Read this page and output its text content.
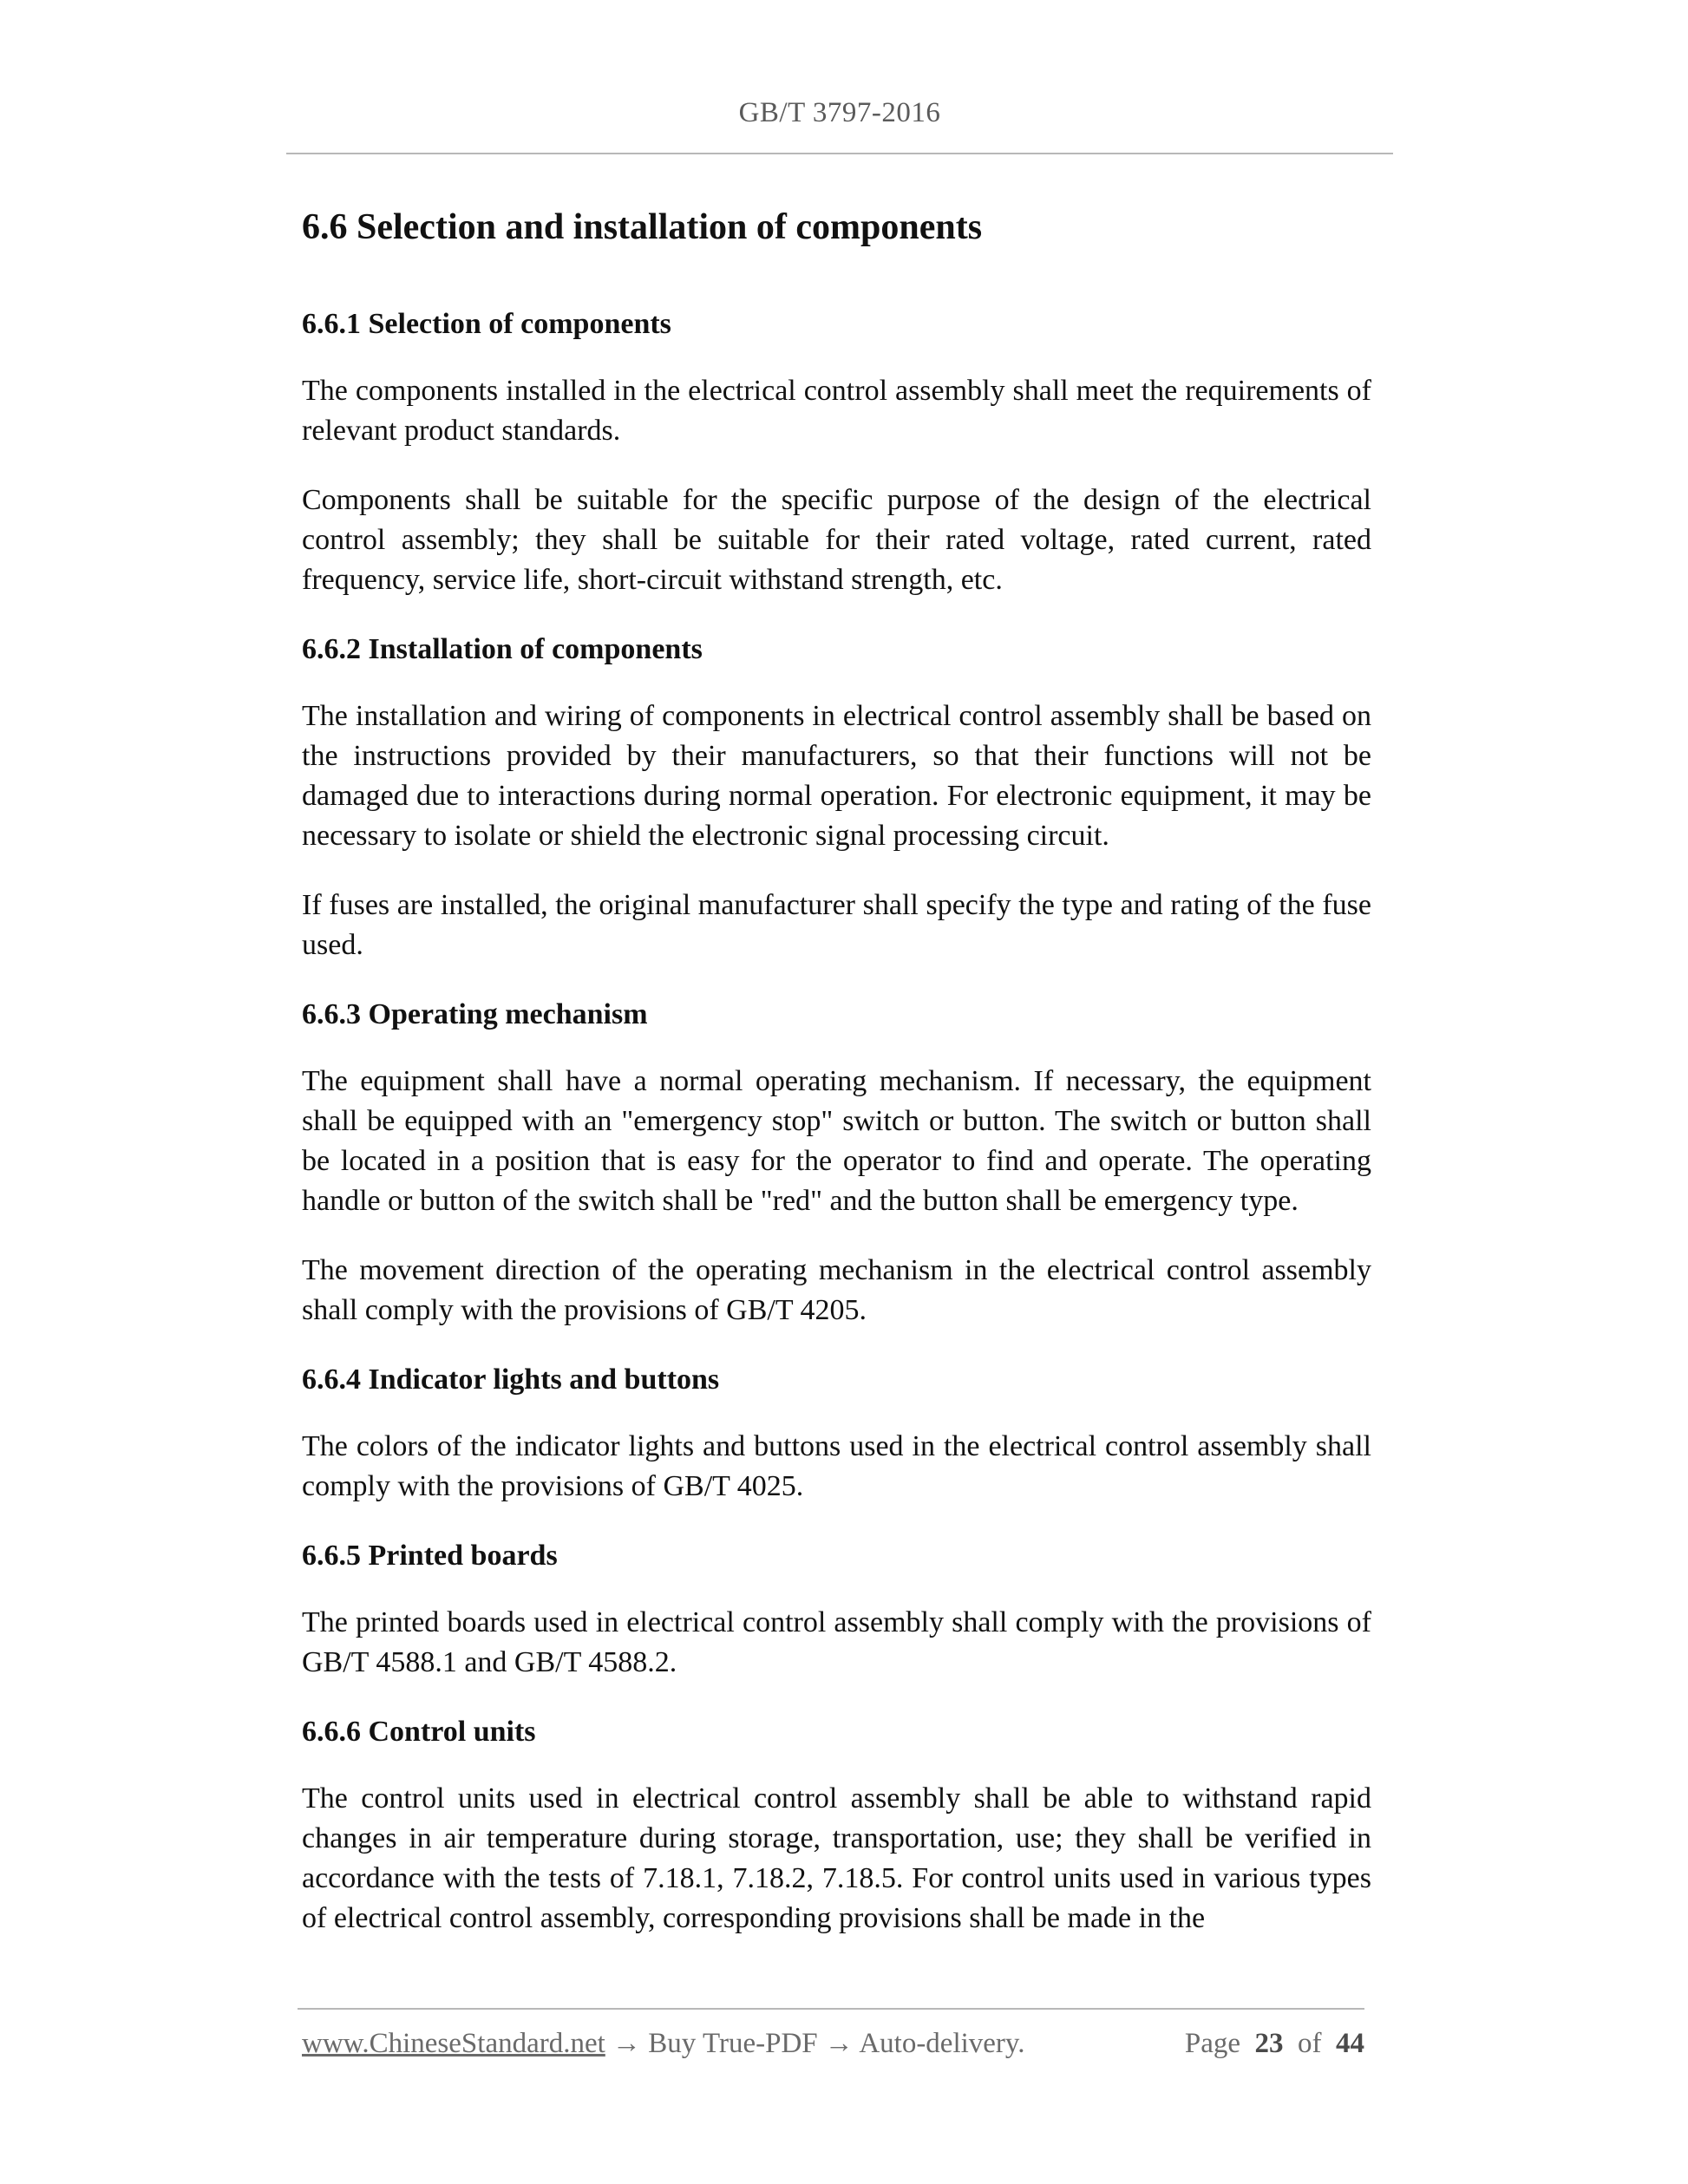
GB/T 3797-2016
6.6 Selection and installation of components
6.6.1 Selection of components

The components installed in the electrical control assembly shall meet the requirements of relevant product standards.

Components shall be suitable for the specific purpose of the design of the electrical control assembly; they shall be suitable for their rated voltage, rated current, rated frequency, service life, short-circuit withstand strength, etc.

6.6.2 Installation of components

The installation and wiring of components in electrical control assembly shall be based on the instructions provided by their manufacturers, so that their functions will not be damaged due to interactions during normal operation. For electronic equipment, it may be necessary to isolate or shield the electronic signal processing circuit.

If fuses are installed, the original manufacturer shall specify the type and rating of the fuse used.

6.6.3 Operating mechanism

The equipment shall have a normal operating mechanism. If necessary, the equipment shall be equipped with an "emergency stop" switch or button. The switch or button shall be located in a position that is easy for the operator to find and operate. The operating handle or button of the switch shall be "red" and the button shall be emergency type.

The movement direction of the operating mechanism in the electrical control assembly shall comply with the provisions of GB/T 4205.

6.6.4 Indicator lights and buttons

The colors of the indicator lights and buttons used in the electrical control assembly shall comply with the provisions of GB/T 4025.

6.6.5 Printed boards

The printed boards used in electrical control assembly shall comply with the provisions of GB/T 4588.1 and GB/T 4588.2.

6.6.6 Control units

The control units used in electrical control assembly shall be able to withstand rapid changes in air temperature during storage, transportation, use; they shall be verified in accordance with the tests of 7.18.1, 7.18.2, 7.18.5. For control units used in various types of electrical control assembly, corresponding provisions shall be made in the

www.ChineseStandard.net → Buy True-PDF → Auto-delivery.	Page 23 of 44
